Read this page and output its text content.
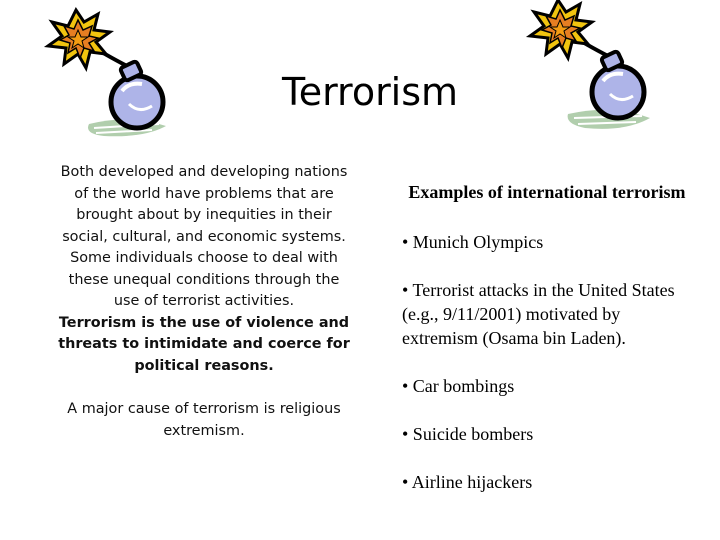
Terrorism

Both developed and developing nations of the world have problems that are brought about by inequities in their social, cultural, and economic systems.

Some individuals choose to deal with these unequal conditions through the use of terrorist activities.

Terrorism is the use of violence and threats to intimidate and coerce for political reasons.

A major cause of terrorism is religious extremism.

Examples of international terrorism

• Munich Olympics

• Terrorist attacks in the United States (e.g., 9/11/2001) motivated by extremism (Osama bin Laden).

• Car bombings

• Suicide bombers

• Airline hijackers
